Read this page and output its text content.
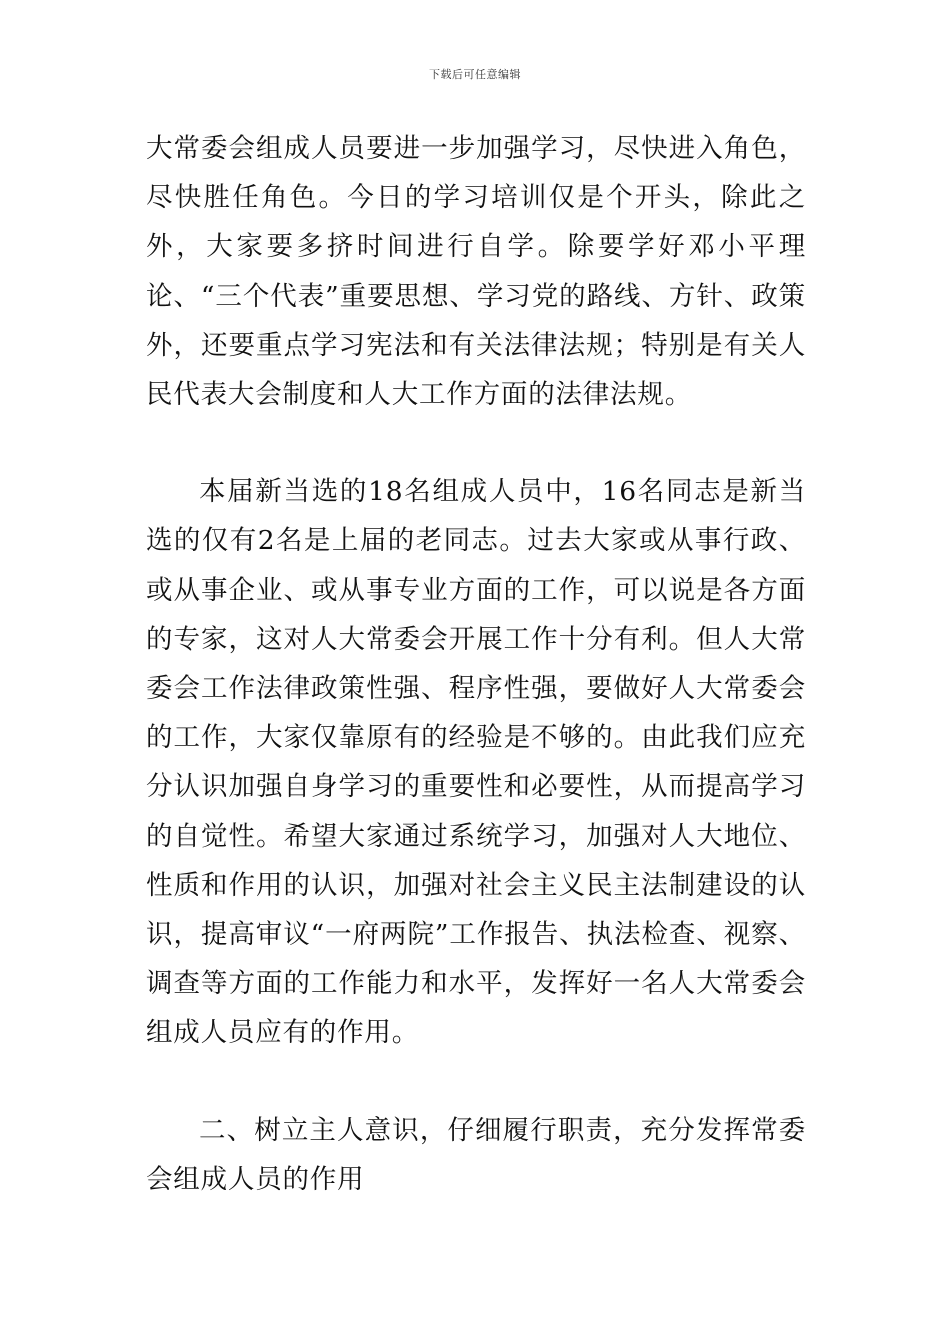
下载后可任意编辑

大常委会组成人员要进一步加强学习，尽快进入角色，尽快胜任角色。今日的学习培训仅是个开头，除此之外，大家要多挤时间进行自学。除要学好邓小平理论、“三个代表”重要思想、学习党的路线、方针、政策外，还要重点学习宪法和有关法律法规；特别是有关人民代表大会制度和人大工作方面的法律法规。

本届新当选的18名组成人员中，16名同志是新当选的仅有2名是上届的老同志。过去大家或从事行政、或从事企业、或从事专业方面的工作，可以说是各方面的专家，这对人大常委会开展工作十分有利。但人大常委会工作法律政策性强、程序性强，要做好人大常委会的工作，大家仅靠原有的经验是不够的。由此我们应充分认识加强自身学习的重要性和必要性，从而提高学习的自觉性。希望大家通过系统学习，加强对人大地位、性质和作用的认识，加强对社会主义民主法制建设的认识，提高审议“一府两院”工作报告、执法检查、视察、调查等方面的工作能力和水平，发挥好一名人大常委会组成人员应有的作用。

二、树立主人意识，仔细履行职责，充分发挥常委会组成人员的作用
